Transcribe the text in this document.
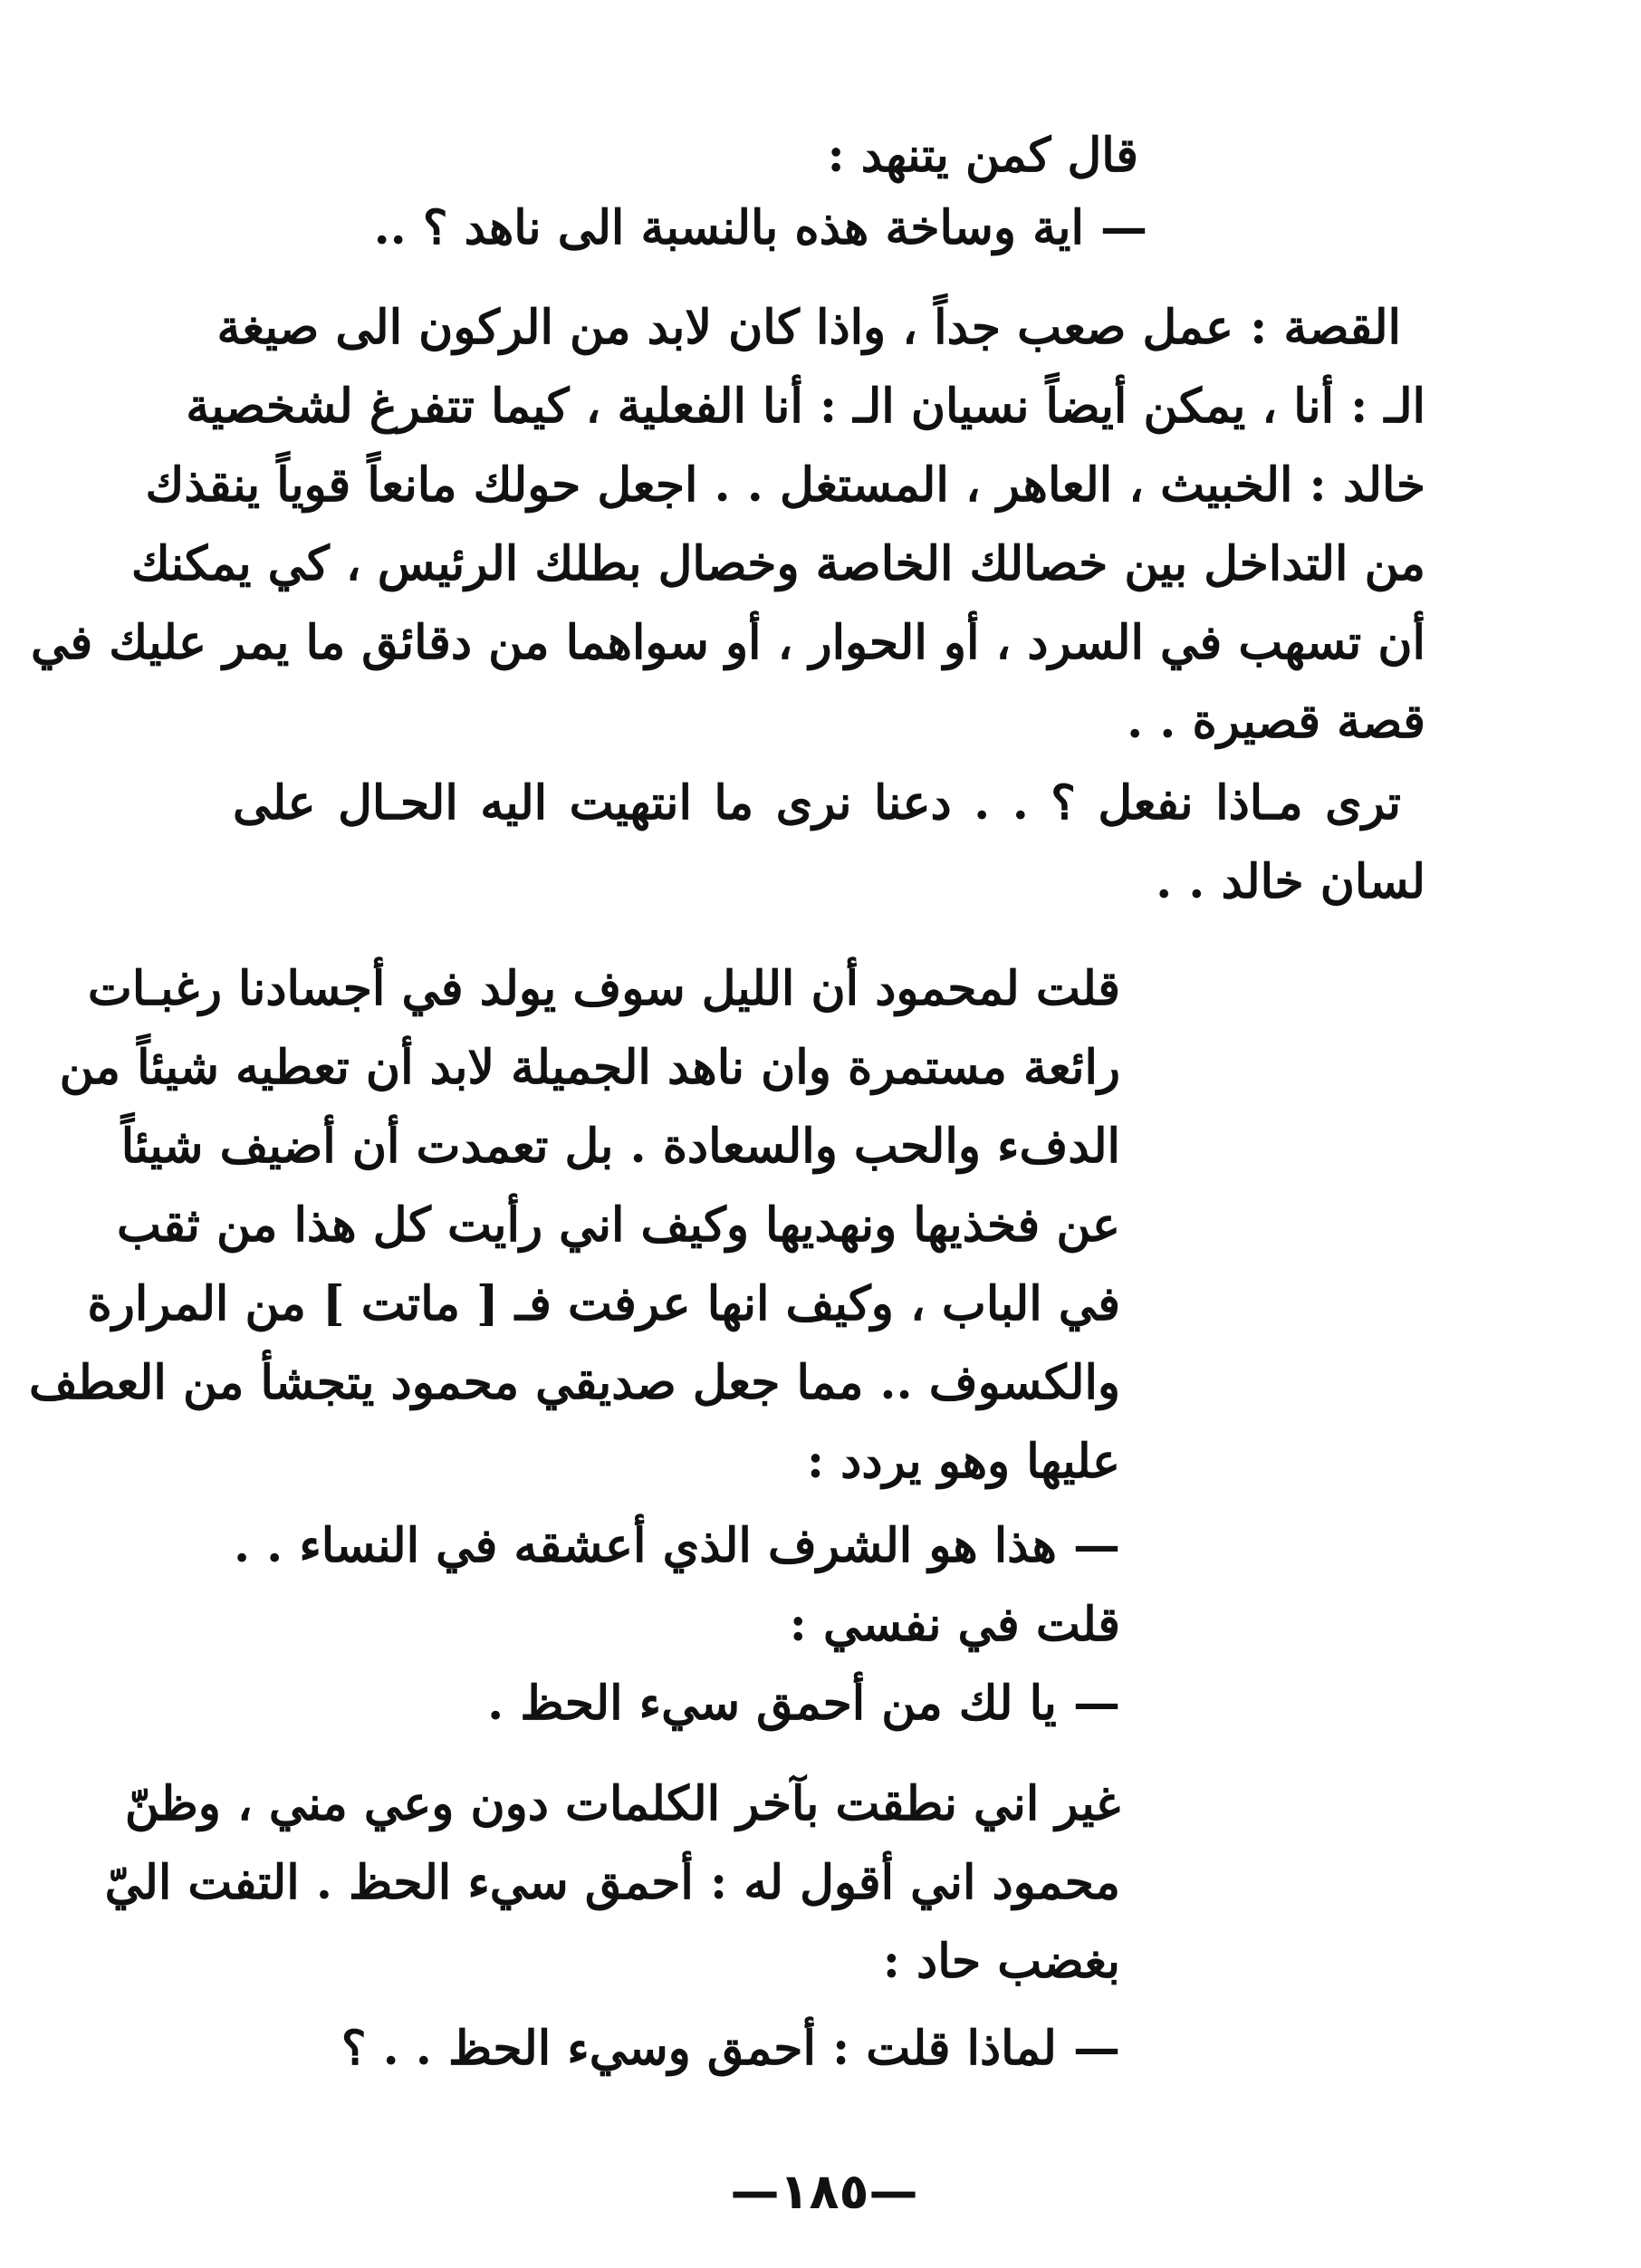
قال كمن يتنهد :
— اية وساخة هذه بالنسبة الى ناهد ؟ ..
القصة : عمل صعب جداً ، واذا كان لابد من الركون الى صيغة
الـ : أنا ، يمكن أيضاً نسيان الـ : أنا الفعلية ، كيما تتفرغ لشخصية
خالد : الخبيث ، العاهر ، المستغل . . اجعل حولك مانعاً قوياً ينقذك
من التداخل بين خصالك الخاصة وخصال بطلك الرئيس ، كي يمكنك
أن تسهب في السرد ، أو الحوار ، أو سواهما من دقائق ما يمر عليك في
قصة قصيرة . .
ترى مـاذا نفعل ؟ . . دعنا نرى ما انتهيت اليه الحـال على
لسان خالد . .
قلت لمحمود أن الليل سوف يولد في أجسادنا رغبـات
رائعة مستمرة وان ناهد الجميلة لابد أن تعطيه شيئاً من
الدفء والحب والسعادة . بل تعمدت أن أضيف شيئاً
عن فخذيها ونهديها وكيف اني رأيت كل هذا من ثقب
في الباب ، وكيف انها عرفت فـ [ ماتت ] من المرارة
والكسوف .. مما جعل صديقي محمود يتجشأ من العطف
عليها وهو يردد :
— هذا هو الشرف الذي أعشقه في النساء . .
قلت في نفسي :
— يا لك من أحمق سيء الحظ .
غير اني نطقت بآخر الكلمات دون وعي مني ، وظنّ
محمود اني أقول له : أحمق سيء الحظ . التفت اليّ
بغضب حاد :
— لماذا قلت : أحمق وسيء الحظ . . ؟
—١٨٥—
